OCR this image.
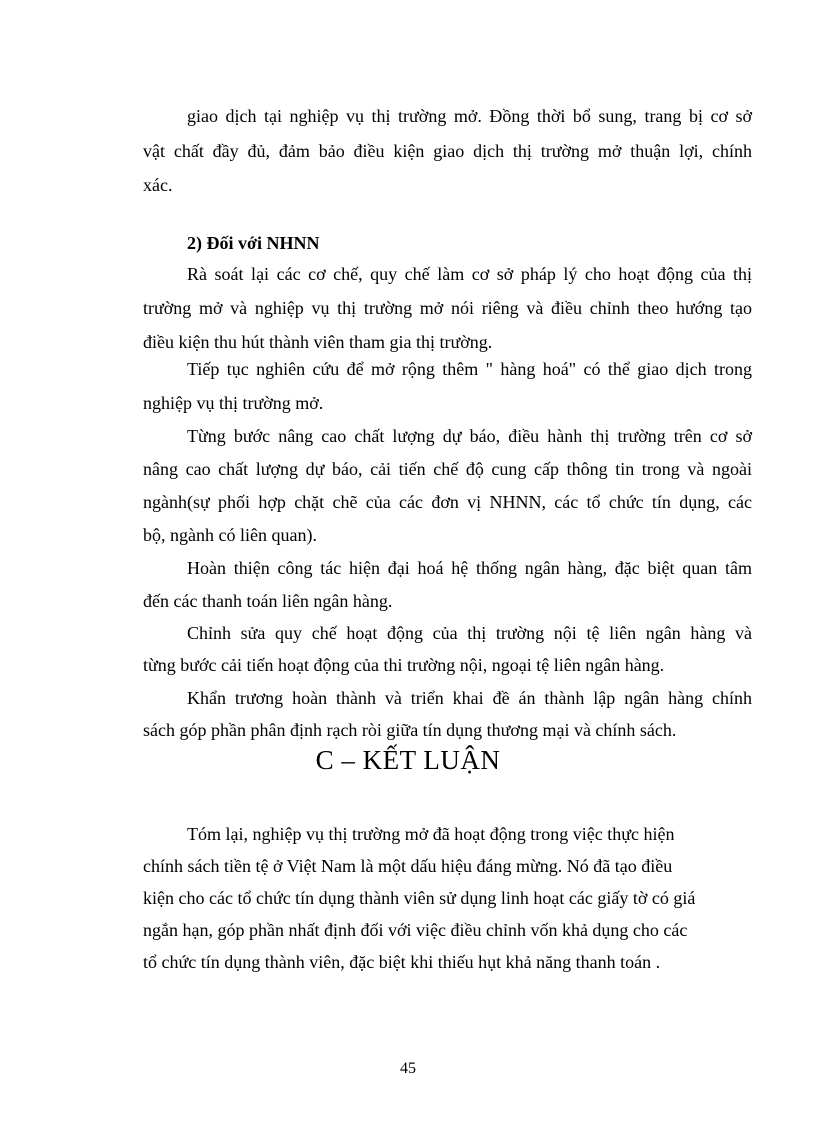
giao dịch tại nghiệp vụ thị trường mở. Đồng thời bổ sung, trang bị cơ sở
vật chất đầy đủ, đảm bảo điều kiện giao dịch thị trường mở thuận lợi, chính
xác.
2) Đối với NHNN
Rà soát lại các cơ chế, quy chế làm cơ sở pháp lý cho hoạt động của thị
trường mở và nghiệp vụ thị trường mở nói riêng và điều chỉnh theo hướng tạo
điều kiện thu hút thành viên tham gia thị trường.
Tiếp tục nghiên cứu để mở rộng thêm " hàng hoá" có thể giao dịch trong
nghiệp vụ thị trường mở.
Từng bước nâng cao chất lượng dự báo, điều hành thị trường trên cơ sở
nâng cao chất lượng dự báo, cải tiến chế độ cung cấp thông tin trong và ngoài
ngành(sự phối hợp chặt chẽ của các đơn vị NHNN, các tổ chức tín dụng, các
bộ, ngành có liên quan).
Hoàn thiện công tác hiện đại hoá hệ thống ngân hàng, đặc biệt quan tâm
đến các thanh toán liên ngân hàng.
Chỉnh sửa quy chế hoạt động của thị trường nội tệ liên ngân hàng và
từng bước cải tiến hoạt động của thi trường nội, ngoại tệ liên ngân hàng.
Khẩn trương hoàn thành và triển khai đề án thành lập ngân hàng chính
sách góp phần phân định rạch ròi giữa tín dụng thương mại và chính sách.
C – KẾT LUẬN
Tóm lại, nghiệp vụ thị trường mở đã hoạt động trong việc thực hiện
chính sách tiền tệ ở Việt Nam là một dấu hiệu đáng mừng. Nó đã tạo điều
kiện cho các tổ chức tín dụng thành viên sử dụng linh hoạt các giấy tờ có giá
ngắn hạn, góp phần nhất định đối với việc điều chỉnh vốn khả dụng cho các
tổ chức tín dụng thành viên, đặc biệt khi thiếu hụt khả năng thanh toán .
45
